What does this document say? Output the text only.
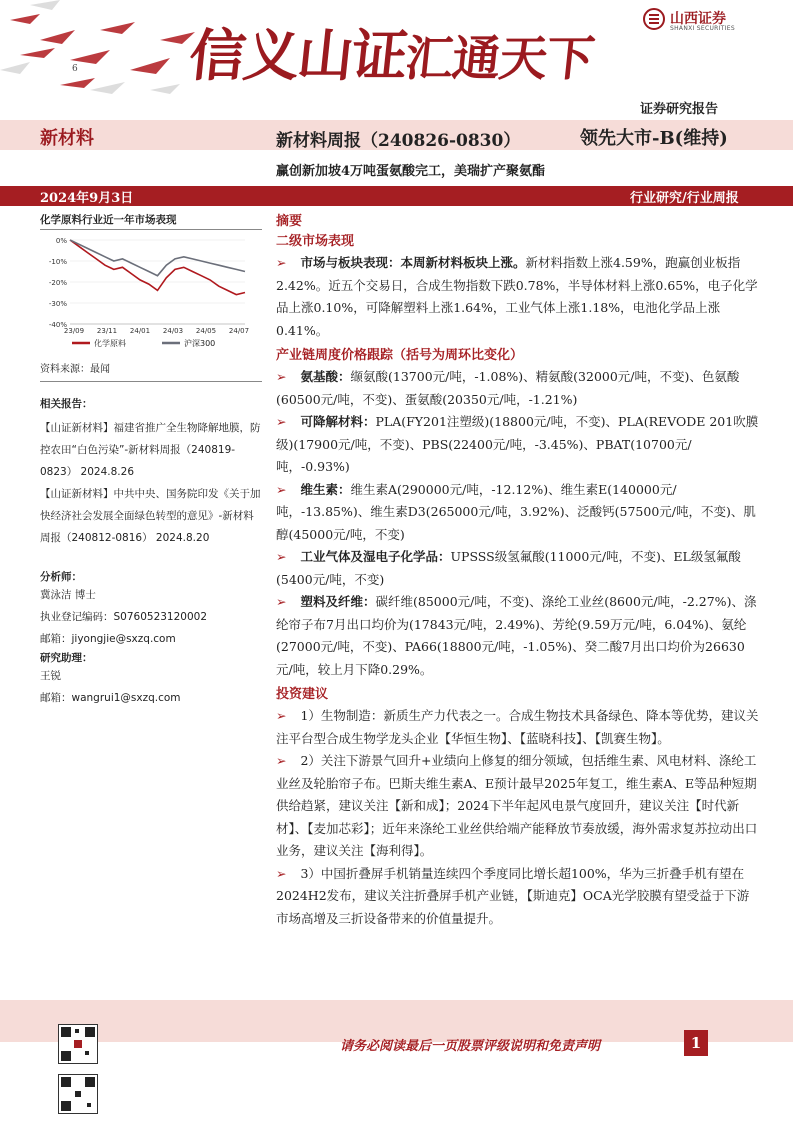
6 信义山证汇通天下
山西证券
SHANXI SECURITIES
证券研究报告
新材料	新材料周报（240826-0830）	领先大市-B(维持)
赢创新加坡4万吨蛋氨酸完工，美瑞扩产聚氨酯
2024年9月3日	行业研究/行业周报
化学原料行业近一年市场表现
0%
-10%
-20%
-30%
-40%
23/09 23/11 24/01 24/03 24/05 24/07
化学原料	沪深300
资料来源：最闻
相关报告：
【山证新材料】福建省推广全生物降解地膜，防控农田“白色污染”-新材料周报（240819-0823） 2024.8.26
【山证新材料】中共中央、国务院印发《关于加快经济社会发展全面绿色转型的意见》-新材料周报（240812-0816） 2024.8.20
分析师：
冀泳洁 博士
执业登记编码：S0760523120002
邮箱：jiyongjie@sxzq.com
研究助理：
王锐
邮箱：wangrui1@sxzq.com
摘要
二级市场表现
➢ 市场与板块表现：本周新材料板块上涨。新材料指数上涨4.59%，跑赢创业板指2.42%。近五个交易日，合成生物指数下跌0.78%，半导体材料上涨0.65%，电子化学品上涨0.10%，可降解塑料上涨1.64%，工业气体上涨1.18%，电池化学品上涨0.41%。
产业链周度价格跟踪（括号为周环比变化）
➢ 氨基酸：缬氨酸(13700元/吨，-1.08%)、精氨酸(32000元/吨，不变)、色氨酸(60500元/吨，不变)、蛋氨酸(20350元/吨，-1.21%)
➢ 可降解材料：PLA(FY201注塑级)(18800元/吨，不变)、PLA(REVODE 201吹膜级)(17900元/吨，不变)、PBS(22400元/吨，-3.45%)、PBAT(10700元/吨，-0.93%)
➢ 维生素：维生素A(290000元/吨，-12.12%)、维生素E(140000元/吨，-13.85%)、维生素D3(265000元/吨，3.92%)、泛酸钙(57500元/吨，不变)、肌醇(45000元/吨，不变)
➢ 工业气体及湿电子化学品：UPSSS级氢氟酸(11000元/吨，不变)、EL级氢氟酸(5400元/吨，不变)
➢ 塑料及纤维：碳纤维(85000元/吨，不变)、涤纶工业丝(8600元/吨，-2.27%)、涤纶帘子布7月出口均价为(17843元/吨，2.49%)、芳纶(9.59万元/吨，6.04%)、氨纶(27000元/吨，不变)、PA66(18800元/吨，-1.05%)、癸二酸7月出口均价为26630元/吨，较上月下降0.29%。
投资建议
➢ 1）生物制造：新质生产力代表之一。合成生物技术具备绿色、降本等优势，建议关注平台型合成生物学龙头企业【华恒生物】、【蓝晓科技】、【凯赛生物】。
➢ 2）关注下游景气回升+业绩向上修复的细分领域，包括维生素、风电材料、涤纶工业丝及轮胎帘子布。巴斯夫维生素A、E预计最早2025年复工，维生素A、E等品种短期供给趋紧，建议关注【新和成】；2024下半年起风电景气度回升，建议关注【时代新材】、【麦加芯彩】；近年来涤纶工业丝供给端产能释放节奏放缓，海外需求复苏拉动出口业务，建议关注【海利得】。
➢ 3）中国折叠屏手机销量连续四个季度同比增长超100%，华为三折叠手机有望在2024H2发布，建议关注折叠屏手机产业链，【斯迪克】OCA光学胶膜有望受益于下游市场高增及三折设备带来的价值量提升。
请务必阅读最后一页股票评级说明和免责声明	1
